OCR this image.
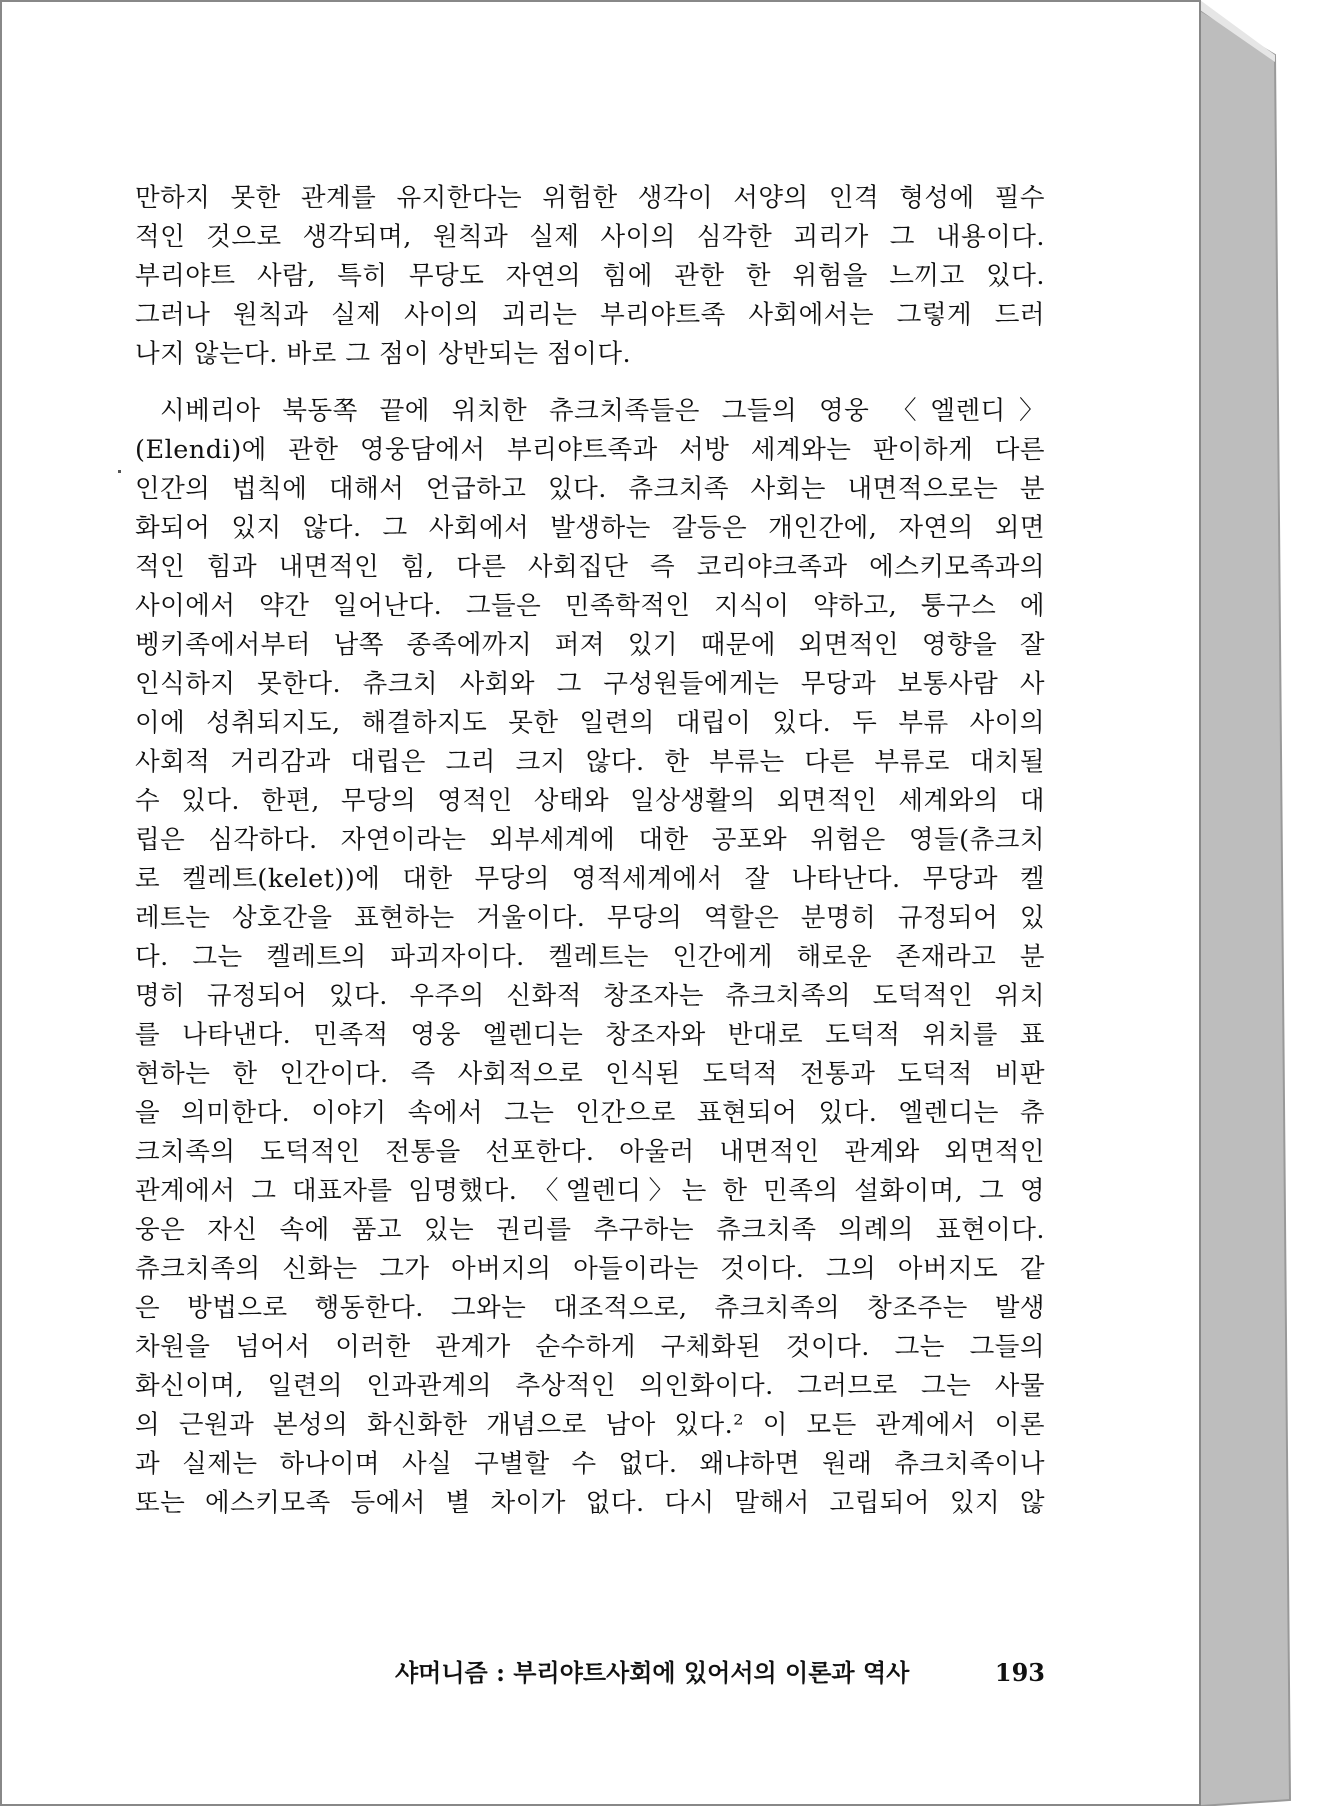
만하지 못한 관계를 유지한다는 위험한 생각이 서양의 인격 형성에 필수
적인 것으로 생각되며, 원칙과 실제 사이의 심각한 괴리가 그 내용이다.
부리야트 사람, 특히 무당도 자연의 힘에 관한 한 위험을 느끼고 있다.
그러나 원칙과 실제 사이의 괴리는 부리야트족 사회에서는 그렇게 드러
나지 않는다. 바로 그 점이 상반되는 점이다.
시베리아 북동쪽 끝에 위치한 츄크치족들은 그들의 영웅 〈엘렌디〉
(Elendi)에 관한 영웅담에서 부리야트족과 서방 세계와는 판이하게 다른
인간의 법칙에 대해서 언급하고 있다. 츄크치족 사회는 내면적으로는 분
화되어 있지 않다. 그 사회에서 발생하는 갈등은 개인간에, 자연의 외면
적인 힘과 내면적인 힘, 다른 사회집단 즉 코리야크족과 에스키모족과의
사이에서 약간 일어난다. 그들은 민족학적인 지식이 약하고, 퉁구스 에
벵키족에서부터 남쪽 종족에까지 퍼져 있기 때문에 외면적인 영향을 잘
인식하지 못한다. 츄크치 사회와 그 구성원들에게는 무당과 보통사람 사
이에 성취되지도, 해결하지도 못한 일련의 대립이 있다. 두 부류 사이의
사회적 거리감과 대립은 그리 크지 않다. 한 부류는 다른 부류로 대치될
수 있다. 한편, 무당의 영적인 상태와 일상생활의 외면적인 세계와의 대
립은 심각하다. 자연이라는 외부세계에 대한 공포와 위험은 영들(츄크치
로 켈레트(kelet))에 대한 무당의 영적세계에서 잘 나타난다. 무당과 켈
레트는 상호간을 표현하는 거울이다. 무당의 역할은 분명히 규정되어 있
다. 그는 켈레트의 파괴자이다. 켈레트는 인간에게 해로운 존재라고 분
명히 규정되어 있다. 우주의 신화적 창조자는 츄크치족의 도덕적인 위치
를 나타낸다. 민족적 영웅 엘렌디는 창조자와 반대로 도덕적 위치를 표
현하는 한 인간이다. 즉 사회적으로 인식된 도덕적 전통과 도덕적 비판
을 의미한다. 이야기 속에서 그는 인간으로 표현되어 있다. 엘렌디는 츄
크치족의 도덕적인 전통을 선포한다. 아울러 내면적인 관계와 외면적인
관계에서 그 대표자를 임명했다. 〈엘렌디〉는 한 민족의 설화이며, 그 영
웅은 자신 속에 품고 있는 권리를 추구하는 츄크치족 의례의 표현이다.
츄크치족의 신화는 그가 아버지의 아들이라는 것이다. 그의 아버지도 같
은 방법으로 행동한다. 그와는 대조적으로, 츄크치족의 창조주는 발생
차원을 넘어서 이러한 관계가 순수하게 구체화된 것이다. 그는 그들의
화신이며, 일련의 인과관계의 추상적인 의인화이다. 그러므로 그는 사물
의 근원과 본성의 화신화한 개념으로 남아 있다.² 이 모든 관계에서 이론
과 실제는 하나이며 사실 구별할 수 없다. 왜냐하면 원래 츄크치족이나
또는 에스키모족 등에서 별 차이가 없다. 다시 말해서 고립되어 있지 않
샤머니즘 : 부리야트사회에 있어서의 이론과 역사	193
